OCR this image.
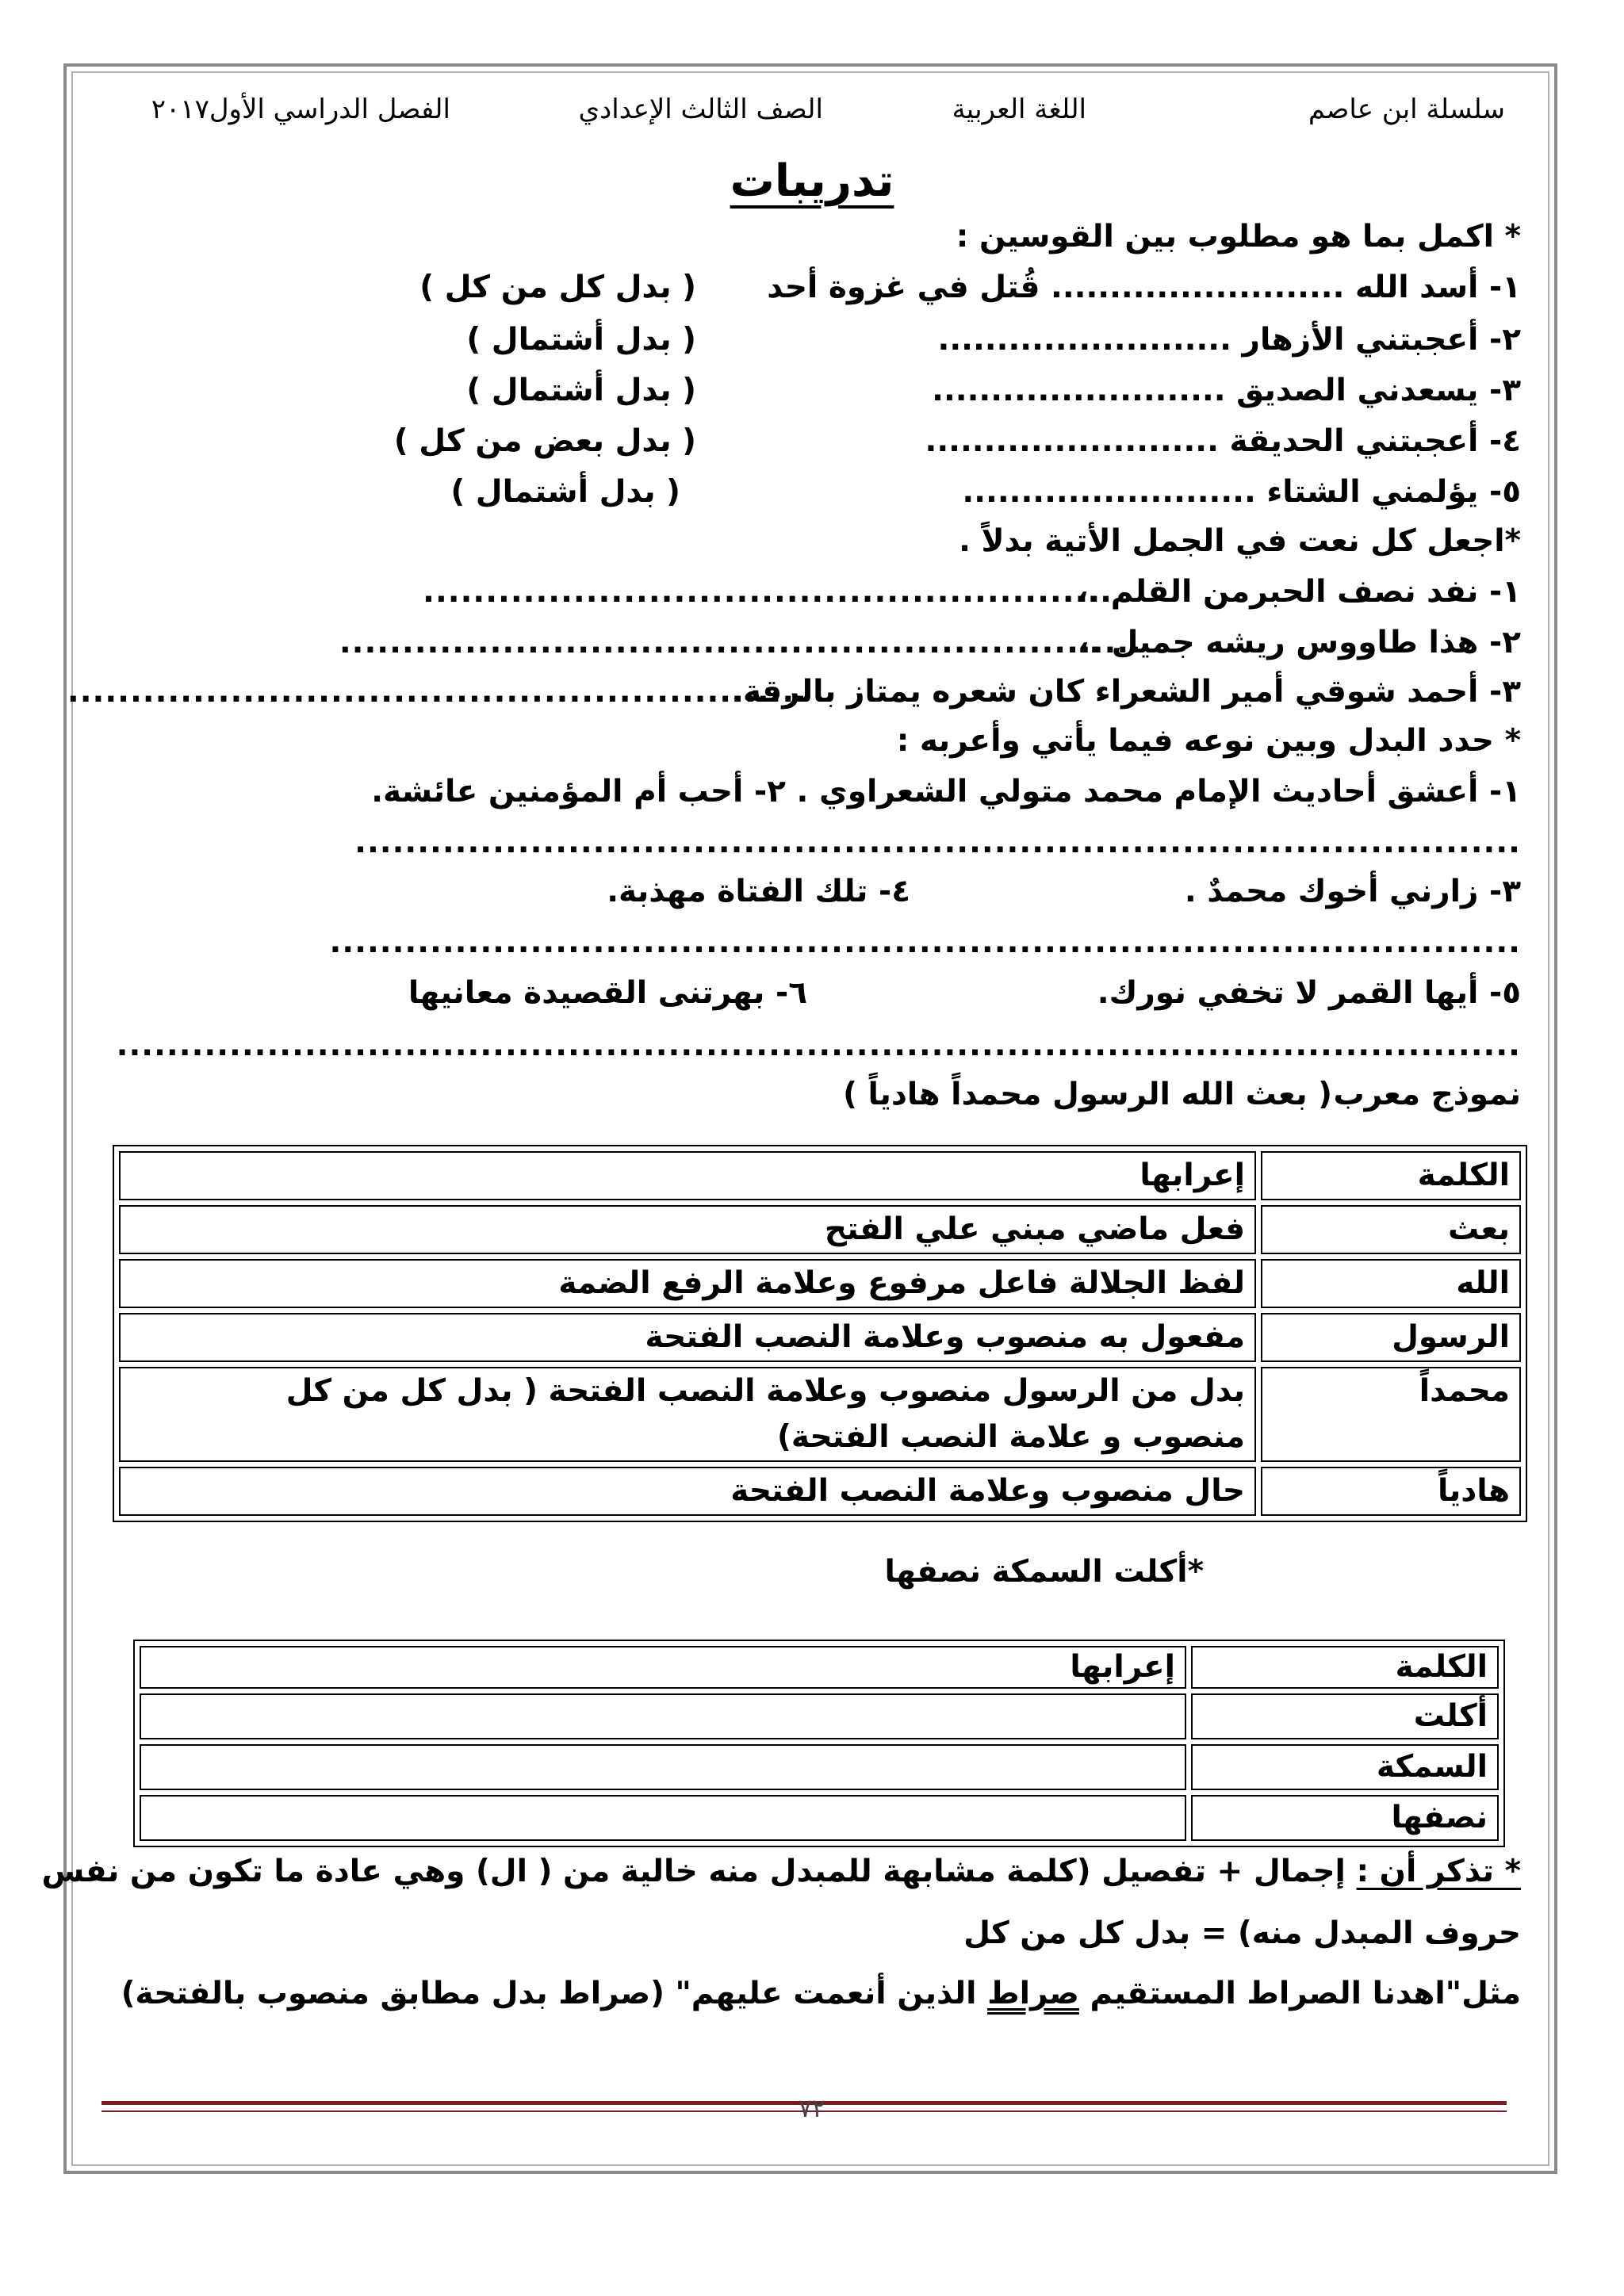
سلسلة ابن عاصم
اللغة العربية
الصف الثالث الإعدادي
الفصل الدراسي الأول٢٠١٧
تدريبات
* اكمل بما هو مطلوب بين القوسين :
١- أسد الله ......................... قُتل في غزوة أحد
( بدل كل من كل )
٢- أعجبتني الأزهار .........................
( بدل أشتمال )
٣- يسعدني الصديق .........................
( بدل أشتمال )
٤- أعجبتني الحديقة .........................
( بدل بعض من كل )
٥- يؤلمني الشتاء .........................
( بدل أشتمال )
*اجعل كل نعت في الجمل الأتية بدلاً .
١- نفد نصف الحبرمن القلم .،
.......................................................
٢- هذا طاووس ريشه جميل .،
................................................................
٣- أحمد شوقي أمير الشعراء كان شعره يمتاز بالرقة.
...........................................................
* حدد البدل وبين نوعه فيما يأتي وأعربه :
١- أعشق أحاديث الإمام محمد متولي الشعراوي . ٢- أحب أم المؤمنين عائشة.
.............................................................................................
٣- زارني أخوك محمدٌ .
٤- تلك الفتاة مهذبة.
...............................................................................................
٥- أيها القمر لا تخفي نورك.
٦- بهرتنى القصيدة معانيها
................................................................................................................
نموذج معرب
( بعث الله الرسول محمداً هادياً )
الكلمة	إعرابها
بعث	فعل ماضي مبني علي الفتح
الله	لفظ الجلالة فاعل مرفوع وعلامة الرفع الضمة
الرسول	مفعول به منصوب وعلامة النصب الفتحة
محمداً	بدل من الرسول منصوب وعلامة النصب الفتحة ( بدل كل من كل منصوب و علامة النصب الفتحة)
هادياً	حال منصوب وعلامة النصب الفتحة
*أكلت السمكة نصفها
الكلمة	إعرابها
أكلت	
السمكة	
نصفها	
* تذكر أن : إجمال + تفصيل (كلمة مشابهة للمبدل منه خالية من ( ال) وهي عادة ما تكون من نفس
حروف المبدل منه) = بدل كل من كل
مثل"اهدنا الصراط المستقيم صراط الذين أنعمت عليهم" (صراط بدل مطابق منصوب بالفتحة)
٧٢
